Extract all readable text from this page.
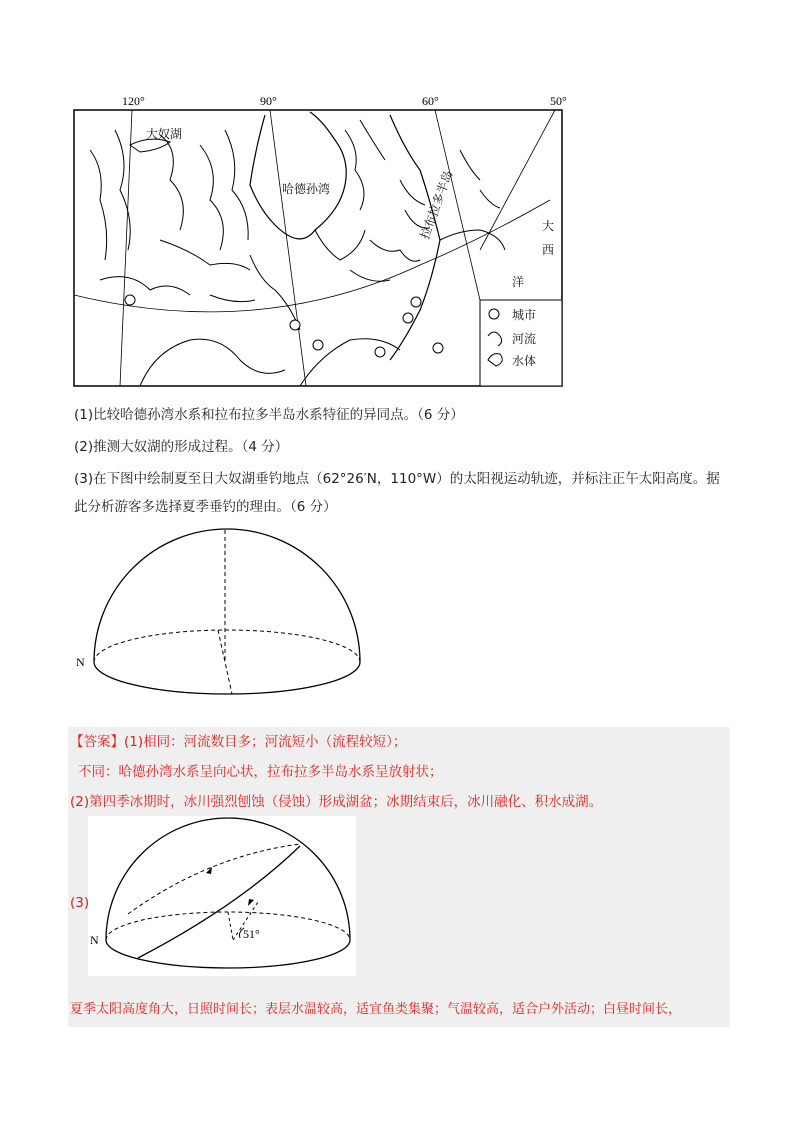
城市
河流
水体
大奴湖
哈德孙湾	拉布拉多半岛	大
西
洋
120°	90°	60°	50°
(1)比较哈德孙湾水系和拉布拉多半岛水系特征的异同点。（6 分）
(2)推测大奴湖的形成过程。（4 分）
(3)在下图中绘制夏至日大奴湖垂钓地点（62°26′N，110°W）的太阳视运动轨迹，并标注正午太阳高度。据
此分析游客多选择夏季垂钓的理由。（6 分）
N
【答案】(1)相同：河流数目多；河流短小（流程较短）；
不同：哈德孙湾水系呈向心状，拉布拉多半岛水系呈放射状；
(2)第四季冰期时，冰川强烈刨蚀（侵蚀）形成湖盆；冰期结束后，冰川融化、积水成湖。
51°
N
(3)
夏季太阳高度角大，日照时间长；表层水温较高，适宜鱼类集聚；气温较高，适合户外活动；白昼时间长，
